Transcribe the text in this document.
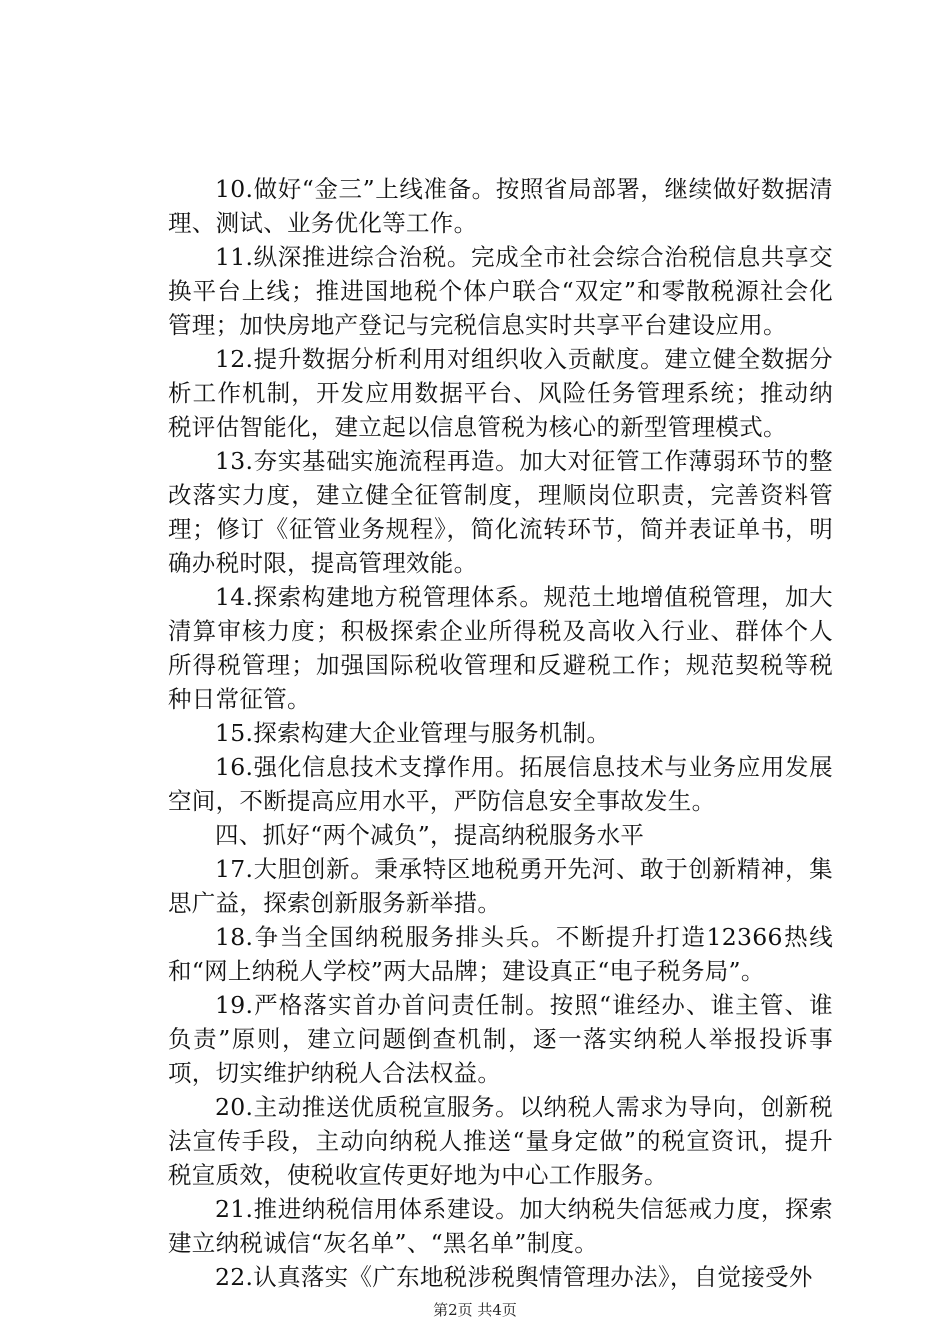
10.做好“金三”上线准备。按照省局部署，继续做好数据清理、测试、业务优化等工作。

11.纵深推进综合治税。完成全市社会综合治税信息共享交换平台上线；推进国地税个体户联合“双定”和零散税源社会化管理；加快房地产登记与完税信息实时共享平台建设应用。

12.提升数据分析利用对组织收入贡献度。建立健全数据分析工作机制，开发应用数据平台、风险任务管理系统；推动纳税评估智能化，建立起以信息管税为核心的新型管理模式。

13.夯实基础实施流程再造。加大对征管工作薄弱环节的整改落实力度，建立健全征管制度，理顺岗位职责，完善资料管理；修订《征管业务规程》，简化流转环节，简并表证单书，明确办税时限，提高管理效能。

14.探索构建地方税管理体系。规范土地增值税管理，加大清算审核力度；积极探索企业所得税及高收入行业、群体个人所得税管理；加强国际税收管理和反避税工作；规范契税等税种日常征管。

15.探索构建大企业管理与服务机制。

16.强化信息技术支撑作用。拓展信息技术与业务应用发展空间，不断提高应用水平，严防信息安全事故发生。

四、抓好“两个减负”，提高纳税服务水平

17.大胆创新。秉承特区地税勇开先河、敢于创新精神，集思广益，探索创新服务新举措。

18.争当全国纳税服务排头兵。不断提升打造12366热线和“网上纳税人学校”两大品牌；建设真正“电子税务局”。

19.严格落实首办首问责任制。按照“谁经办、谁主管、谁负责”原则，建立问题倒查机制，逐一落实纳税人举报投诉事项，切实维护纳税人合法权益。

20.主动推送优质税宣服务。以纳税人需求为导向，创新税法宣传手段，主动向纳税人推送“量身定做”的税宣资讯，提升税宣质效，使税收宣传更好地为中心工作服务。

21.推进纳税信用体系建设。加大纳税失信惩戒力度，探索建立纳税诚信“灰名单”、“黑名单”制度。

22.认真落实《广东地税涉税舆情管理办法》，自觉接受外

第2页 共4页
